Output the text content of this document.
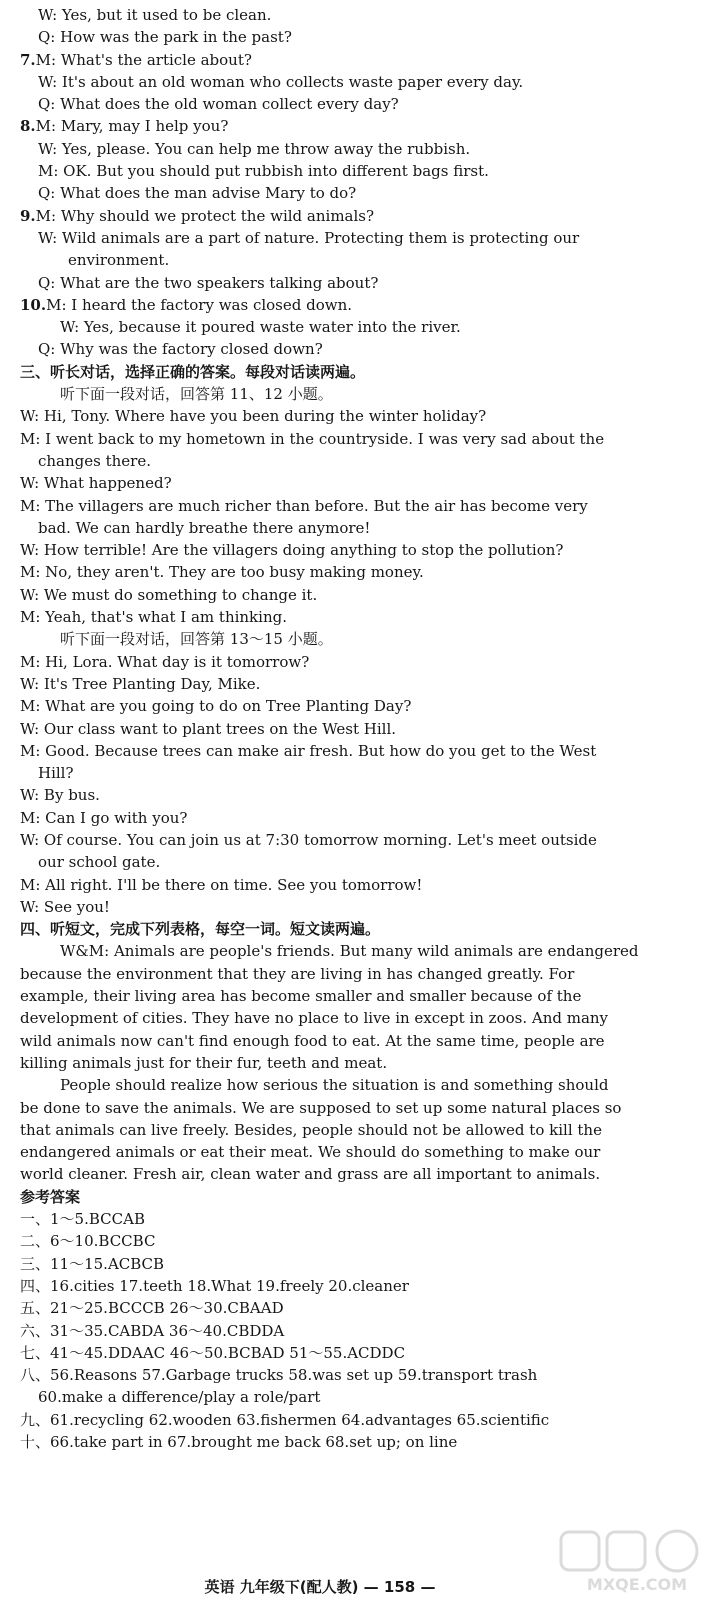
W: Yes, but it used to be clean.
Q: How was the park in the past?
7.M: What's the article about?
W: It's about an old woman who collects waste paper every day.
Q: What does the old woman collect every day?
8.M: Mary, may I help you?
W: Yes, please. You can help me throw away the rubbish.
M: OK. But you should put rubbish into different bags first.
Q: What does the man advise Mary to do?
9.M: Why should we protect the wild animals?
W: Wild animals are a part of nature. Protecting them is protecting our
environment.
Q: What are the two speakers talking about?
10.M: I heard the factory was closed down.
W: Yes, because it poured waste water into the river.
Q: Why was the factory closed down?
三、听长对话，选择正确的答案。每段对话读两遍。
听下面一段对话，回答第 11、12 小题。
W: Hi, Tony. Where have you been during the winter holiday?
M: I went back to my hometown in the countryside. I was very sad about the
changes there.
W: What happened?
M: The villagers are much richer than before. But the air has become very
bad. We can hardly breathe there anymore!
W: How terrible! Are the villagers doing anything to stop the pollution?
M: No, they aren't. They are too busy making money.
W: We must do something to change it.
M: Yeah, that's what I am thinking.
听下面一段对话，回答第 13～15 小题。
M: Hi, Lora. What day is it tomorrow?
W: It's Tree Planting Day, Mike.
M: What are you going to do on Tree Planting Day?
W: Our class want to plant trees on the West Hill.
M: Good. Because trees can make air fresh. But how do you get to the West
Hill?
W: By bus.
M: Can I go with you?
W: Of course. You can join us at 7:30 tomorrow morning. Let's meet outside
our school gate.
M: All right. I'll be there on time. See you tomorrow!
W: See you!
四、听短文，完成下列表格，每空一词。短文读两遍。
W&M: Animals are people's friends. But many wild animals are endangered
because the environment that they are living in has changed greatly. For
example, their living area has become smaller and smaller because of the
development of cities. They have no place to live in except in zoos. And many
wild animals now can't find enough food to eat. At the same time, people are
killing animals just for their fur, teeth and meat.
People should realize how serious the situation is and something should
be done to save the animals. We are supposed to set up some natural places so
that animals can live freely. Besides, people should not be allowed to kill the
endangered animals or eat their meat. We should do something to make our
world cleaner. Fresh air, clean water and grass are all important to animals.
参考答案
一、1～5.BCCAB
二、6～10.BCCBC
三、11～15.ACBCB
四、16.cities 17.teeth 18.What 19.freely 20.cleaner
五、21～25.BCCCB 26～30.CBAAD
六、31～35.CABDA 36～40.CBDDA
七、41～45.DDAAC 46～50.BCBAD 51～55.ACDDC
八、56.Reasons 57.Garbage trucks 58.was set up 59.transport trash
60.make a difference/play a role/part
九、61.recycling 62.wooden 63.fishermen 64.advantages 65.scientific
十、66.take part in 67.brought me back 68.set up; on line
英语 九年级下(配人教) — 158 —	MXQE.COM
